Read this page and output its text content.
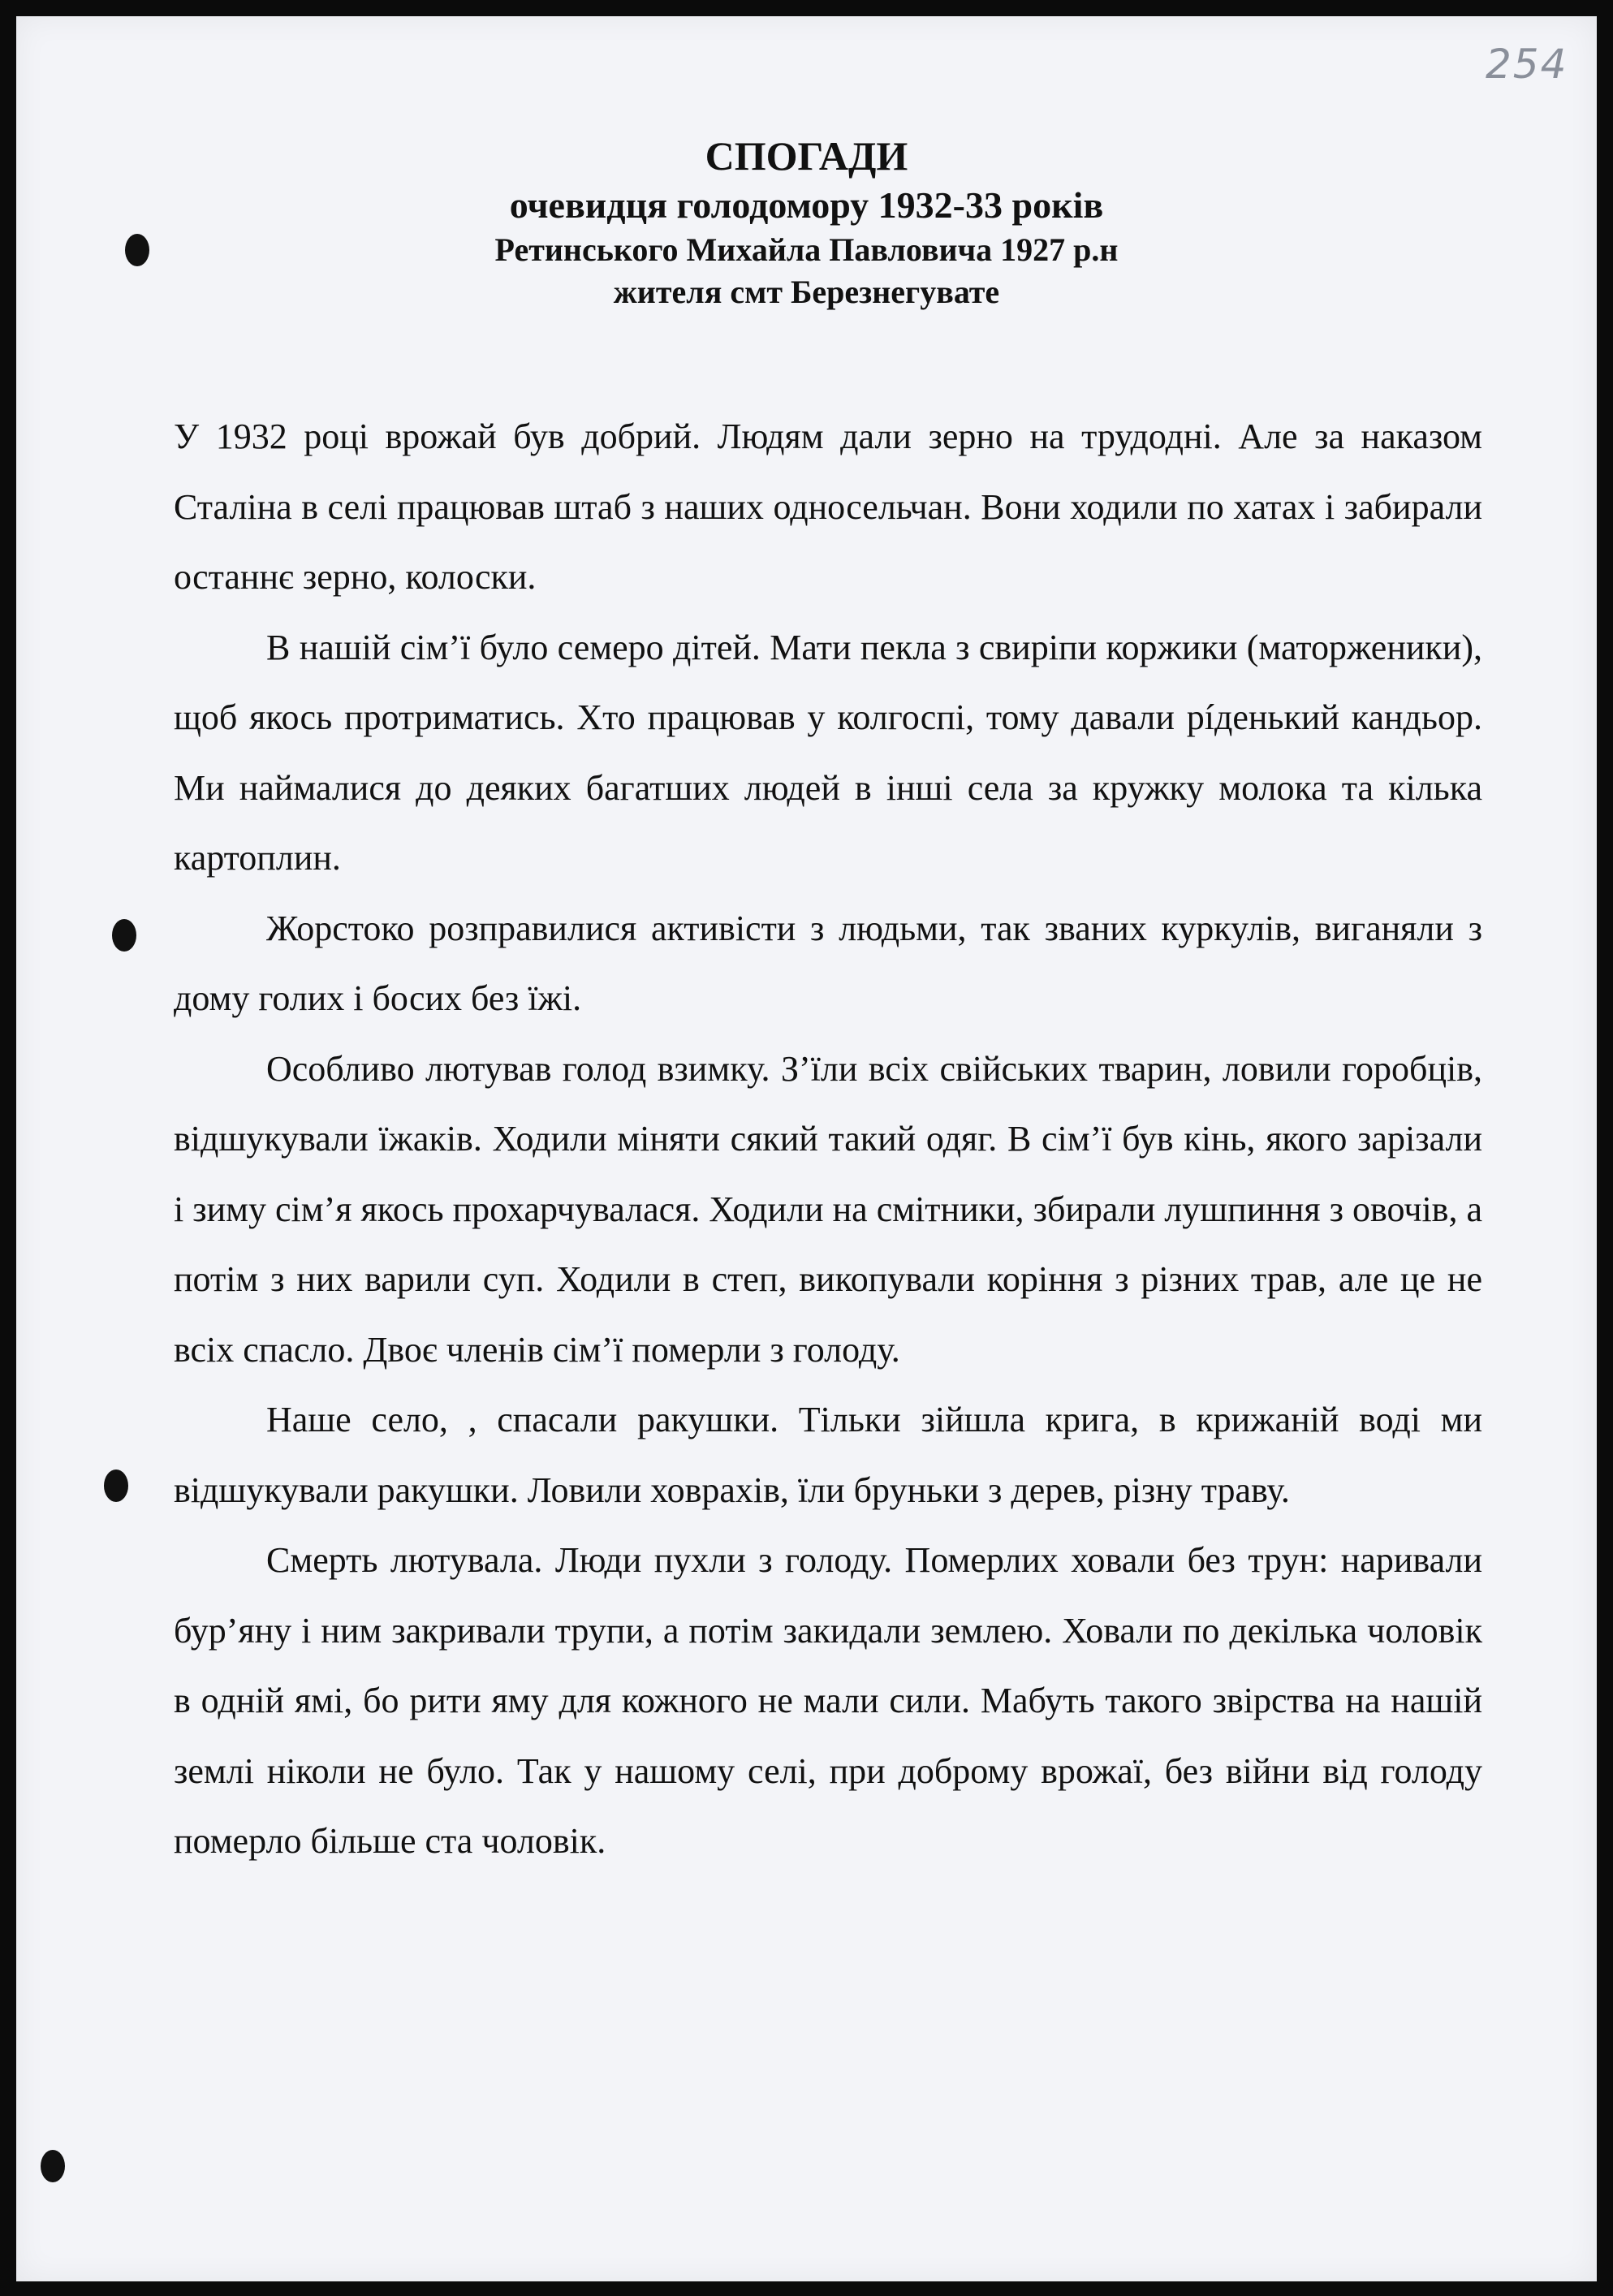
254
СПОГАДИ
очевидця голодомору 1932-33 років
Ретинського Михайла Павловича 1927 р.н
жителя смт Березнегувате

У 1932 році врожай був добрий. Людям дали зерно на трудодні. Але за наказом Сталіна в селі працював штаб з наших односельчан. Вони ходили по хатах і забирали останнє зерно, колоски.

В нашій сім’ї було семеро дітей. Мати пекла з свиріпи коржики (маторженики), щоб якось протриматись. Хто працював у колгоспі, тому давали рíденький кандьор. Ми наймалися до деяких багатших людей в інші села за кружку молока та кілька картоплин.

Жорстоко розправилися активісти з людьми, так званих куркулів, виганяли з дому голих і босих без їжі.

Особливо лютував голод взимку. З’їли всіх свійських тварин, ловили горобців, відшукували їжаків. Ходили міняти сякий такий одяг. В сім’ї був кінь, якого зарізали і зиму сім’я якось прохарчувалася. Ходили на смітники, збирали лушпиння з овочів, а потім з них варили суп. Ходили в степ, викопували коріння з різних трав, але це не всіх спасло. Двоє членів сім’ї померли з голоду.

Наше село, , спасали ракушки. Тільки зійшла крига, в крижаній воді ми відшукували ракушки. Ловили ховрахів, їли бруньки з дерев, різну траву.

Смерть лютувала. Люди пухли з голоду. Померлих ховали без трун: наривали бур’яну і ним закривали трупи, а потім закидали землею. Ховали по декілька чоловік в одній ямі, бо рити яму для кожного не мали сили. Мабуть такого звірства на нашій землі ніколи не було. Так у нашому селі, при доброму врожаї, без війни від голоду померло більше ста чоловік.
